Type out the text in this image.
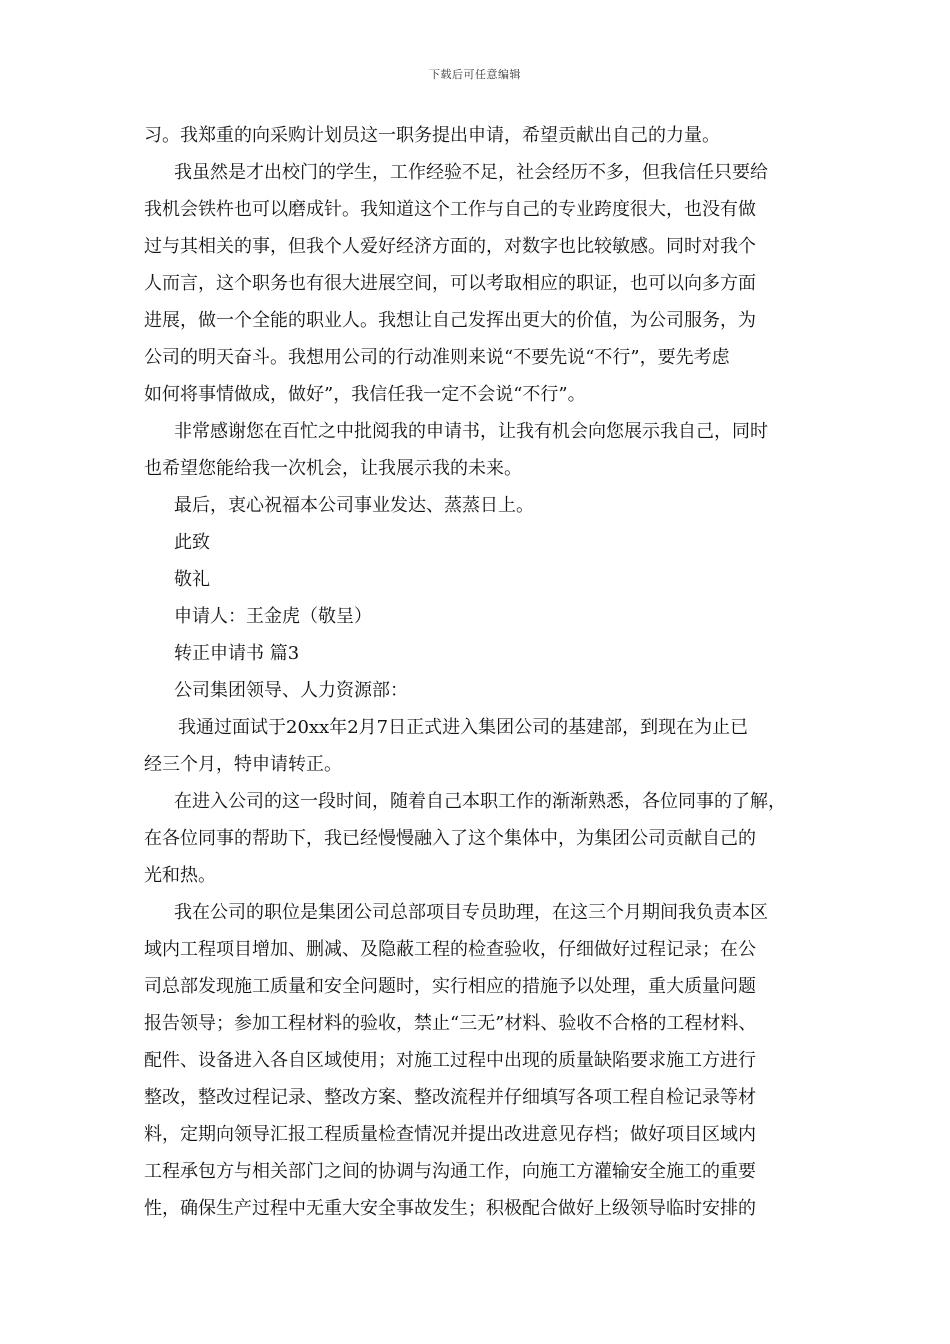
下载后可任意编辑
习。我郑重的向采购计划员这一职务提出申请，希望贡献出自己的力量。
我虽然是才出校门的学生，工作经验不足，社会经历不多，但我信任只要给
我机会铁杵也可以磨成针。我知道这个工作与自己的专业跨度很大，也没有做
过与其相关的事，但我个人爱好经济方面的，对数字也比较敏感。同时对我个
人而言，这个职务也有很大进展空间，可以考取相应的职证，也可以向多方面
进展，做一个全能的职业人。我想让自己发挥出更大的价值，为公司服务，为
公司的明天奋斗。我想用公司的行动准则来说“不要先说“不行”，要先考虑
如何将事情做成，做好”，我信任我一定不会说“不行”。
非常感谢您在百忙之中批阅我的申请书，让我有机会向您展示我自己，同时
也希望您能给我一次机会，让我展示我的未来。
最后，衷心祝福本公司事业发达、蒸蒸日上。
此致
敬礼
申请人：王金虎（敬呈）
转正申请书 篇3
公司集团领导、人力资源部：
我通过面试于20xx年2月7日正式进入集团公司的基建部，到现在为止已
经三个月，特申请转正。
在进入公司的这一段时间，随着自己本职工作的渐渐熟悉，各位同事的了解，
在各位同事的帮助下，我已经慢慢融入了这个集体中，为集团公司贡献自己的
光和热。
我在公司的职位是集团公司总部项目专员助理，在这三个月期间我负责本区
域内工程项目增加、删减、及隐蔽工程的检查验收，仔细做好过程记录；在公
司总部发现施工质量和安全问题时，实行相应的措施予以处理，重大质量问题
报告领导；参加工程材料的验收，禁止“三无”材料、验收不合格的工程材料、
配件、设备进入各自区域使用；对施工过程中出现的质量缺陷要求施工方进行
整改，整改过程记录、整改方案、整改流程并仔细填写各项工程自检记录等材
料，定期向领导汇报工程质量检查情况并提出改进意见存档；做好项目区域内
工程承包方与相关部门之间的协调与沟通工作，向施工方灌输安全施工的重要
性，确保生产过程中无重大安全事故发生；积极配合做好上级领导临时安排的
